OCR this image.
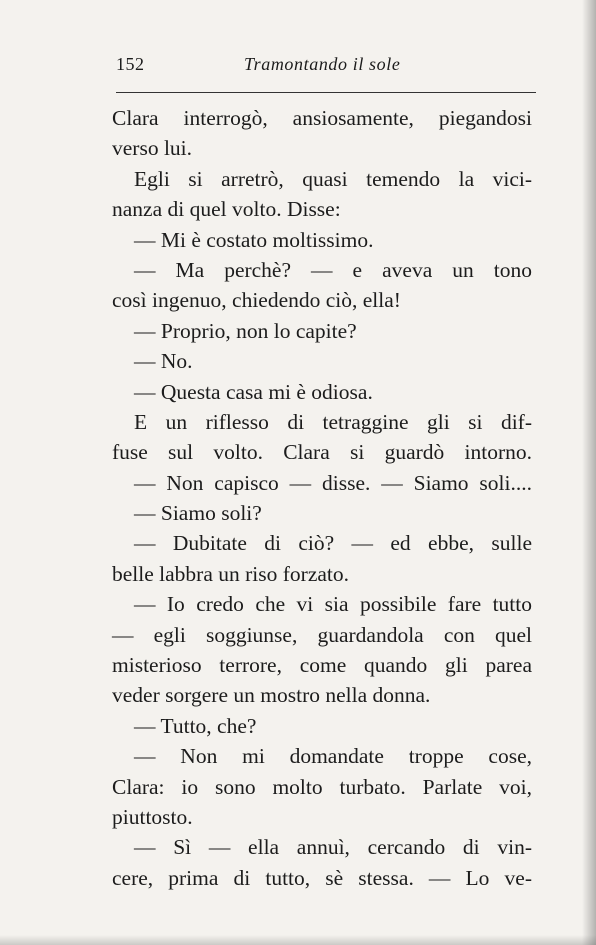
152	Tramontando il sole
Clara interrogò, ansiosamente, piegandosi
verso lui.
Egli si arretrò, quasi temendo la vici-
nanza di quel volto. Disse:
— Mi è costato moltissimo.
— Ma perchè? — e aveva un tono
così ingenuo, chiedendo ciò, ella!
— Proprio, non lo capite?
— No.
— Questa casa mi è odiosa.
E un riflesso di tetraggine gli si dif-
fuse sul volto. Clara si guardò intorno.
— Non capisco — disse. — Siamo soli....
— Siamo soli?
— Dubitate di ciò? — ed ebbe, sulle
belle labbra un riso forzato.
— Io credo che vi sia possibile fare tutto
— egli soggiunse, guardandola con quel
misterioso terrore, come quando gli parea
veder sorgere un mostro nella donna.
— Tutto, che?
— Non mi domandate troppe cose,
Clara: io sono molto turbato. Parlate voi,
piuttosto.
— Sì — ella annuì, cercando di vin-
cere, prima di tutto, sè stessa. — Lo ve-
